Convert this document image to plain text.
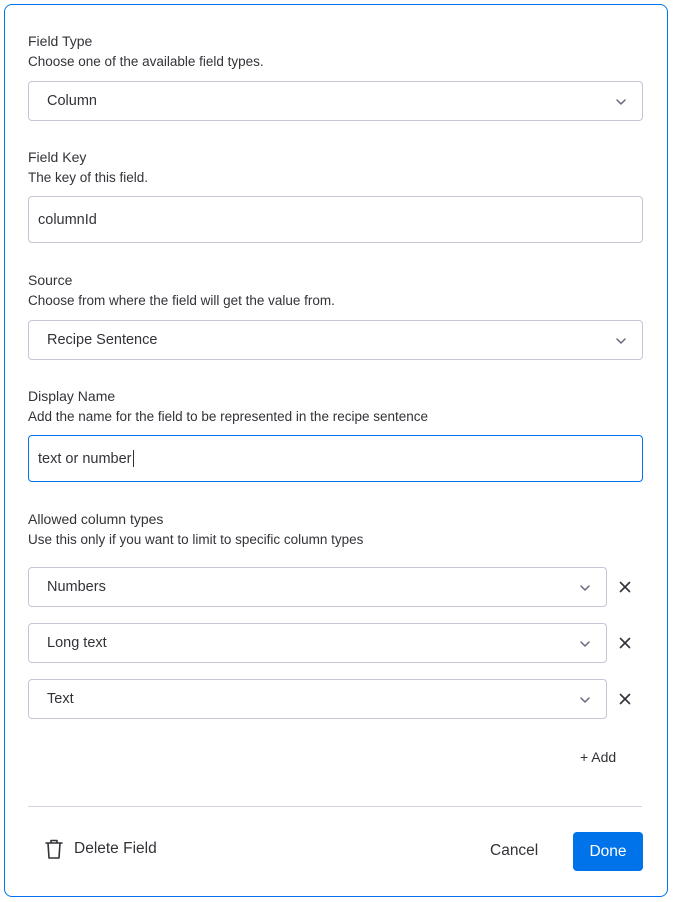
Field Type
Choose one of the available field types.
Column
Field Key
The key of this field.
columnId
Source
Choose from where the field will get the value from.
Recipe Sentence
Display Name
Add the name for the field to be represented in the recipe sentence
text or number
Allowed column types
Use this only if you want to limit to specific column types
Numbers
Long text
Text
+ Add
Delete Field	Cancel	Done
